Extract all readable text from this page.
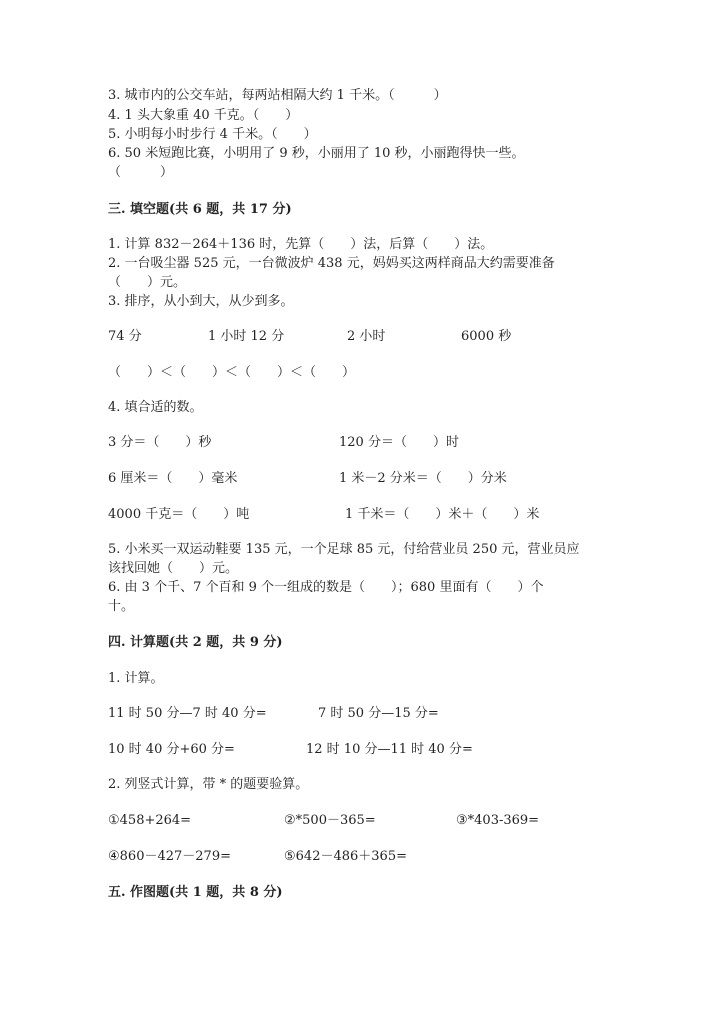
3. 城市内的公交车站，每两站相隔大约 1 千米。（　　　）
4. 1 头大象重 40 千克。（　　）
5. 小明每小时步行 4 千米。（　　）
6. 50 米短跑比赛，小明用了 9 秒，小丽用了 10 秒，小丽跑得快一些。
（　　　）
三. 填空题(共 6 题，共 17 分)
1. 计算 832－264＋136 时，先算（　　）法，后算（　　）法。
2. 一台吸尘器 525 元，一台微波炉 438 元，妈妈买这两样商品大约需要准备
（　　）元。
3. 排序，从小到大，从少到多。
74 分	1 小时 12 分	2 小时	6000 秒
（　　）＜（　　）＜（　　）＜（　　）
4. 填合适的数。
3 分＝（　　）秒	120 分＝（　　）时
6 厘米＝（　　）毫米	1 米－2 分米＝（　　）分米
4000 千克＝（　　）吨	1 千米＝（　　）米＋（　　）米
5. 小米买一双运动鞋要 135 元，一个足球 85 元，付给营业员 250 元，营业员应
该找回她（　　）元。
6. 由 3 个千、7 个百和 9 个一组成的数是（　　）；680 里面有（　　）个
十。
四. 计算题(共 2 题，共 9 分)
1. 计算。
11 时 50 分—7 时 40 分=	7 时 50 分—15 分=
10 时 40 分+60 分=	12 时 10 分—11 时 40 分=
2. 列竖式计算，带 * 的题要验算。
①458+264=	②*500－365=	③*403-369=
④860－427－279=	⑤642－486＋365=
五. 作图题(共 1 题，共 8 分)
